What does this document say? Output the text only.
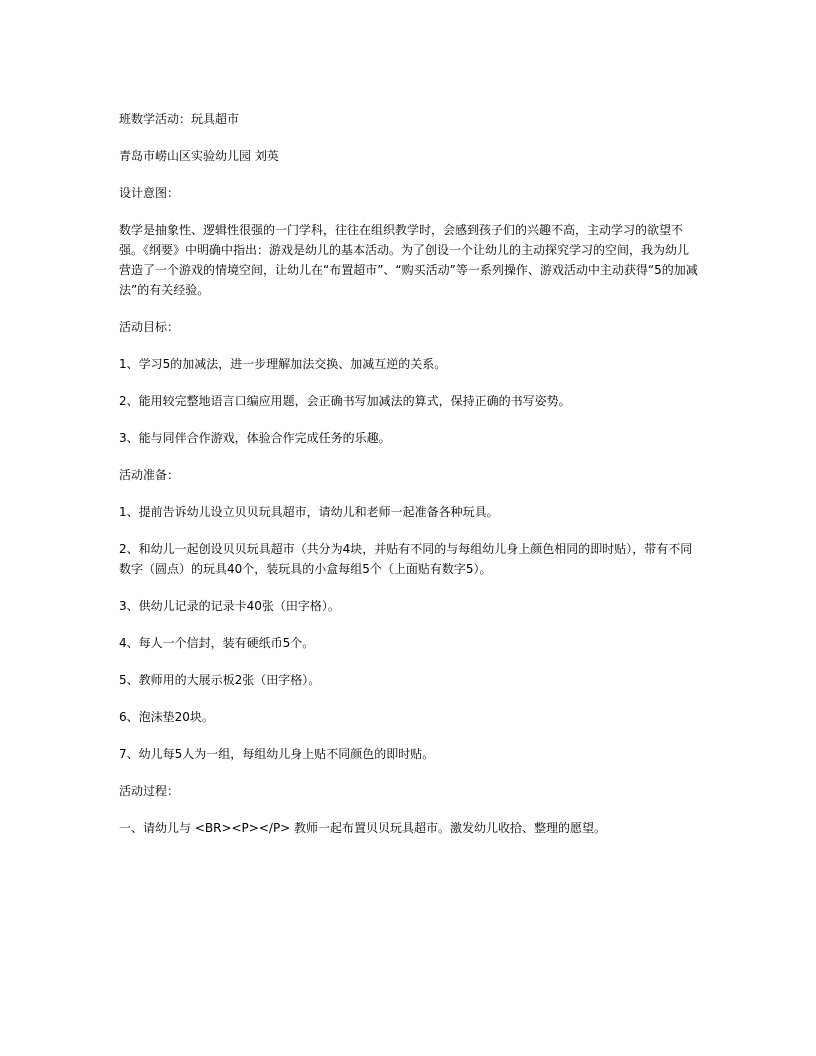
班数学活动：玩具超市

青岛市崂山区实验幼儿园 刘英

设计意图：

数学是抽象性、逻辑性很强的一门学科，往往在组织教学时，会感到孩子们的兴趣不高，主动学习的欲望不强。《纲要》中明确中指出：游戏是幼儿的基本活动。为了创设一个让幼儿的主动探究学习的空间，我为幼儿营造了一个游戏的情境空间，让幼儿在“布置超市”、“购买活动”等一系列操作、游戏活动中主动获得“5的加减法”的有关经验。

活动目标：

1、学习5的加减法，进一步理解加法交换、加减互逆的关系。

2、能用较完整地语言口编应用题，会正确书写加减法的算式，保持正确的书写姿势。

3、能与同伴合作游戏，体验合作完成任务的乐趣。

活动准备：

1、提前告诉幼儿设立贝贝玩具超市，请幼儿和老师一起准备各种玩具。

2、和幼儿一起创设贝贝玩具超市（共分为4块，并贴有不同的与每组幼儿身上颜色相同的即时贴），带有不同数字（圆点）的玩具40个，装玩具的小盒每组5个（上面贴有数字5）。

3、供幼儿记录的记录卡40张（田字格）。

4、每人一个信封，装有硬纸币5个。

5、教师用的大展示板2张（田字格）。

6、泡沫垫20块。

7、幼儿每5人为一组，每组幼儿身上贴不同颜色的即时贴。

活动过程：

一、请幼儿与 <BR><P></P> 教师一起布置贝贝玩具超市。激发幼儿收拾、整理的愿望。
